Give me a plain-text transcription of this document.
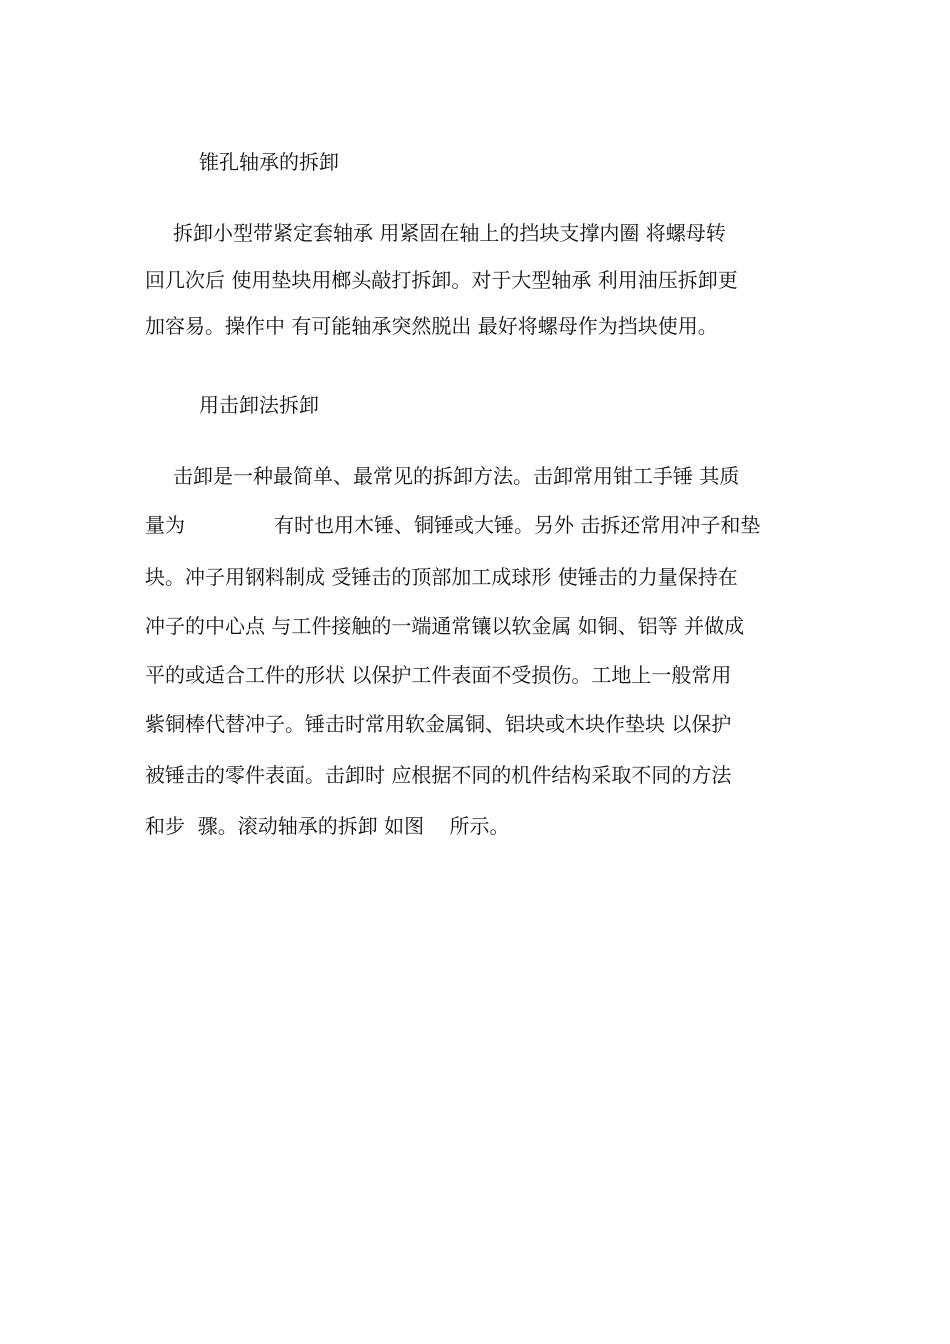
锥孔轴承的拆卸
拆卸小型带紧定套轴承 用紧固在轴上的挡块支撑内圈 将螺母转
回几次后 使用垫块用榔头敲打拆卸。对于大型轴承 利用油压拆卸更
加容易。操作中 有可能轴承突然脱出 最好将螺母作为挡块使用。
用击卸法拆卸
击卸是一种最简单、最常见的拆卸方法。击卸常用钳工手锤 其质
量为              有时也用木锤、铜锤或大锤。另外 击拆还常用冲子和垫
块。冲子用钢料制成 受锤击的顶部加工成球形 使锤击的力量保持在
冲子的中心点 与工件接触的一端通常镶以软金属 如铜、铝等 并做成
平的或适合工件的形状 以保护工件表面不受损伤。工地上一般常用
紫铜棒代替冲子。锤击时常用软金属铜、铝块或木块作垫块 以保护
被锤击的零件表面。击卸时 应根据不同的机件结构采取不同的方法
和步  骤。滚动轴承的拆卸 如图    所示。
